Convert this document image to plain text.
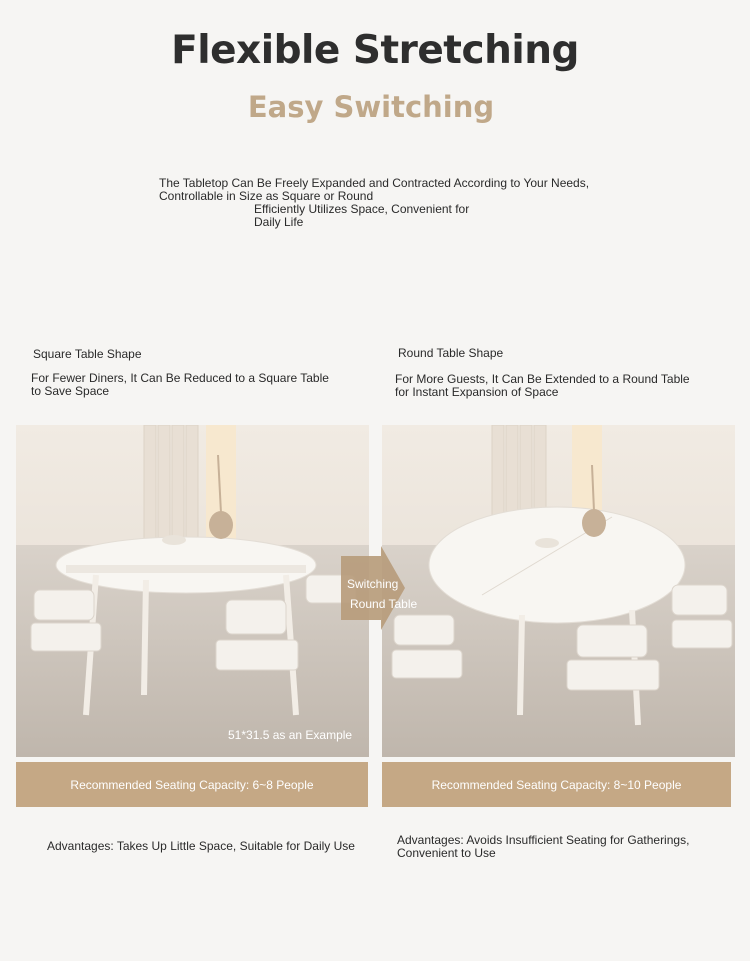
Flexible Stretching
Easy Switching
The Tabletop Can Be Freely Expanded and Contracted According to Your Needs, Controllable in Size as Square or Round
Efficiently Utilizes Space, Convenient for Daily Life
Square Table Shape
For Fewer Diners, It Can Be Reduced to a Square Table to Save Space
Round Table Shape
For More Guests, It Can Be Extended to a Round Table for Instant Expansion of Space
51*31.5 as an Example
Switching
Round Table
Recommended Seating Capacity: 6~8 People	Recommended Seating Capacity: 8~10 People
Advantages: Takes Up Little Space, Suitable for Daily Use	Advantages: Avoids Insufficient Seating for Gatherings, Convenient to Use
